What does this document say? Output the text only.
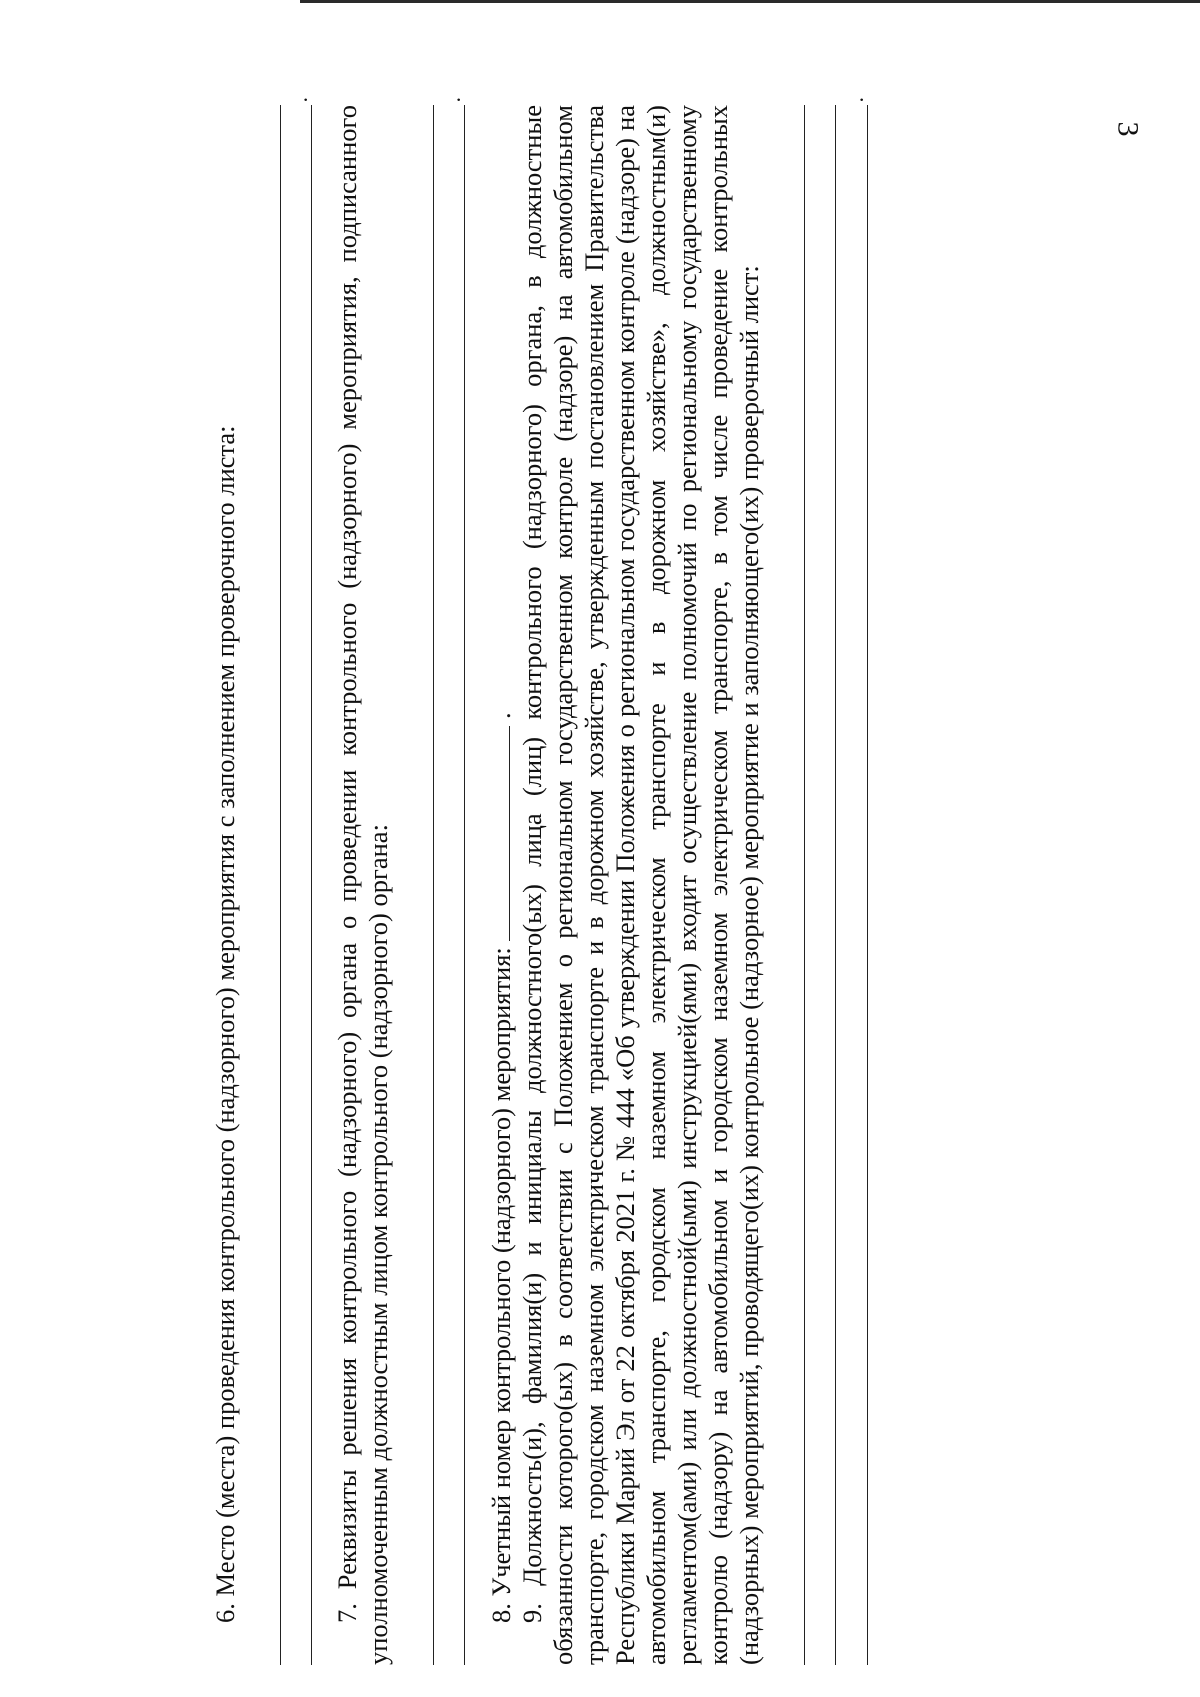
3
6. Место (места) проведения контрольного (надзорного) мероприятия с заполнением проверочного листа:
.
7. Реквизиты решения контрольного (надзорного) органа о проведении контрольного (надзорного) мероприятия, подписанного уполномоченным должностным лицом контрольного (надзорного) органа:
.
8. Учетный номер контрольного (надзорного) мероприятия:  . 9. Должность(и), фамилия(и) и инициалы должностного(ых) лица (лиц) контрольного (надзорного) органа, в должностные обязанности которого(ых) в соответствии с Положением о региональном государственном контроле (надзоре) на автомобильном транспорте, городском наземном электрическом транспорте и в дорожном хозяйстве, утвержденным постановлением Правительства Республики Марий Эл от 22 октября 2021 г. № 444 «Об утверждении Положения о региональном государственном контроле (надзоре) на автомобильном транспорте, городском наземном электрическом транспорте и в дорожном хозяйстве», должностным(и) регламентом(ами) или должностной(ыми) инструкцией(ями) входит осуществление полномочий по региональному государственному контролю (надзору) на автомобильном и городском наземном электрическом транспорте, в том числе проведение контрольных (надзорных) мероприятий, проводящего(их) контрольное (надзорное) мероприятие и заполняющего(их) проверочный лист:
.
